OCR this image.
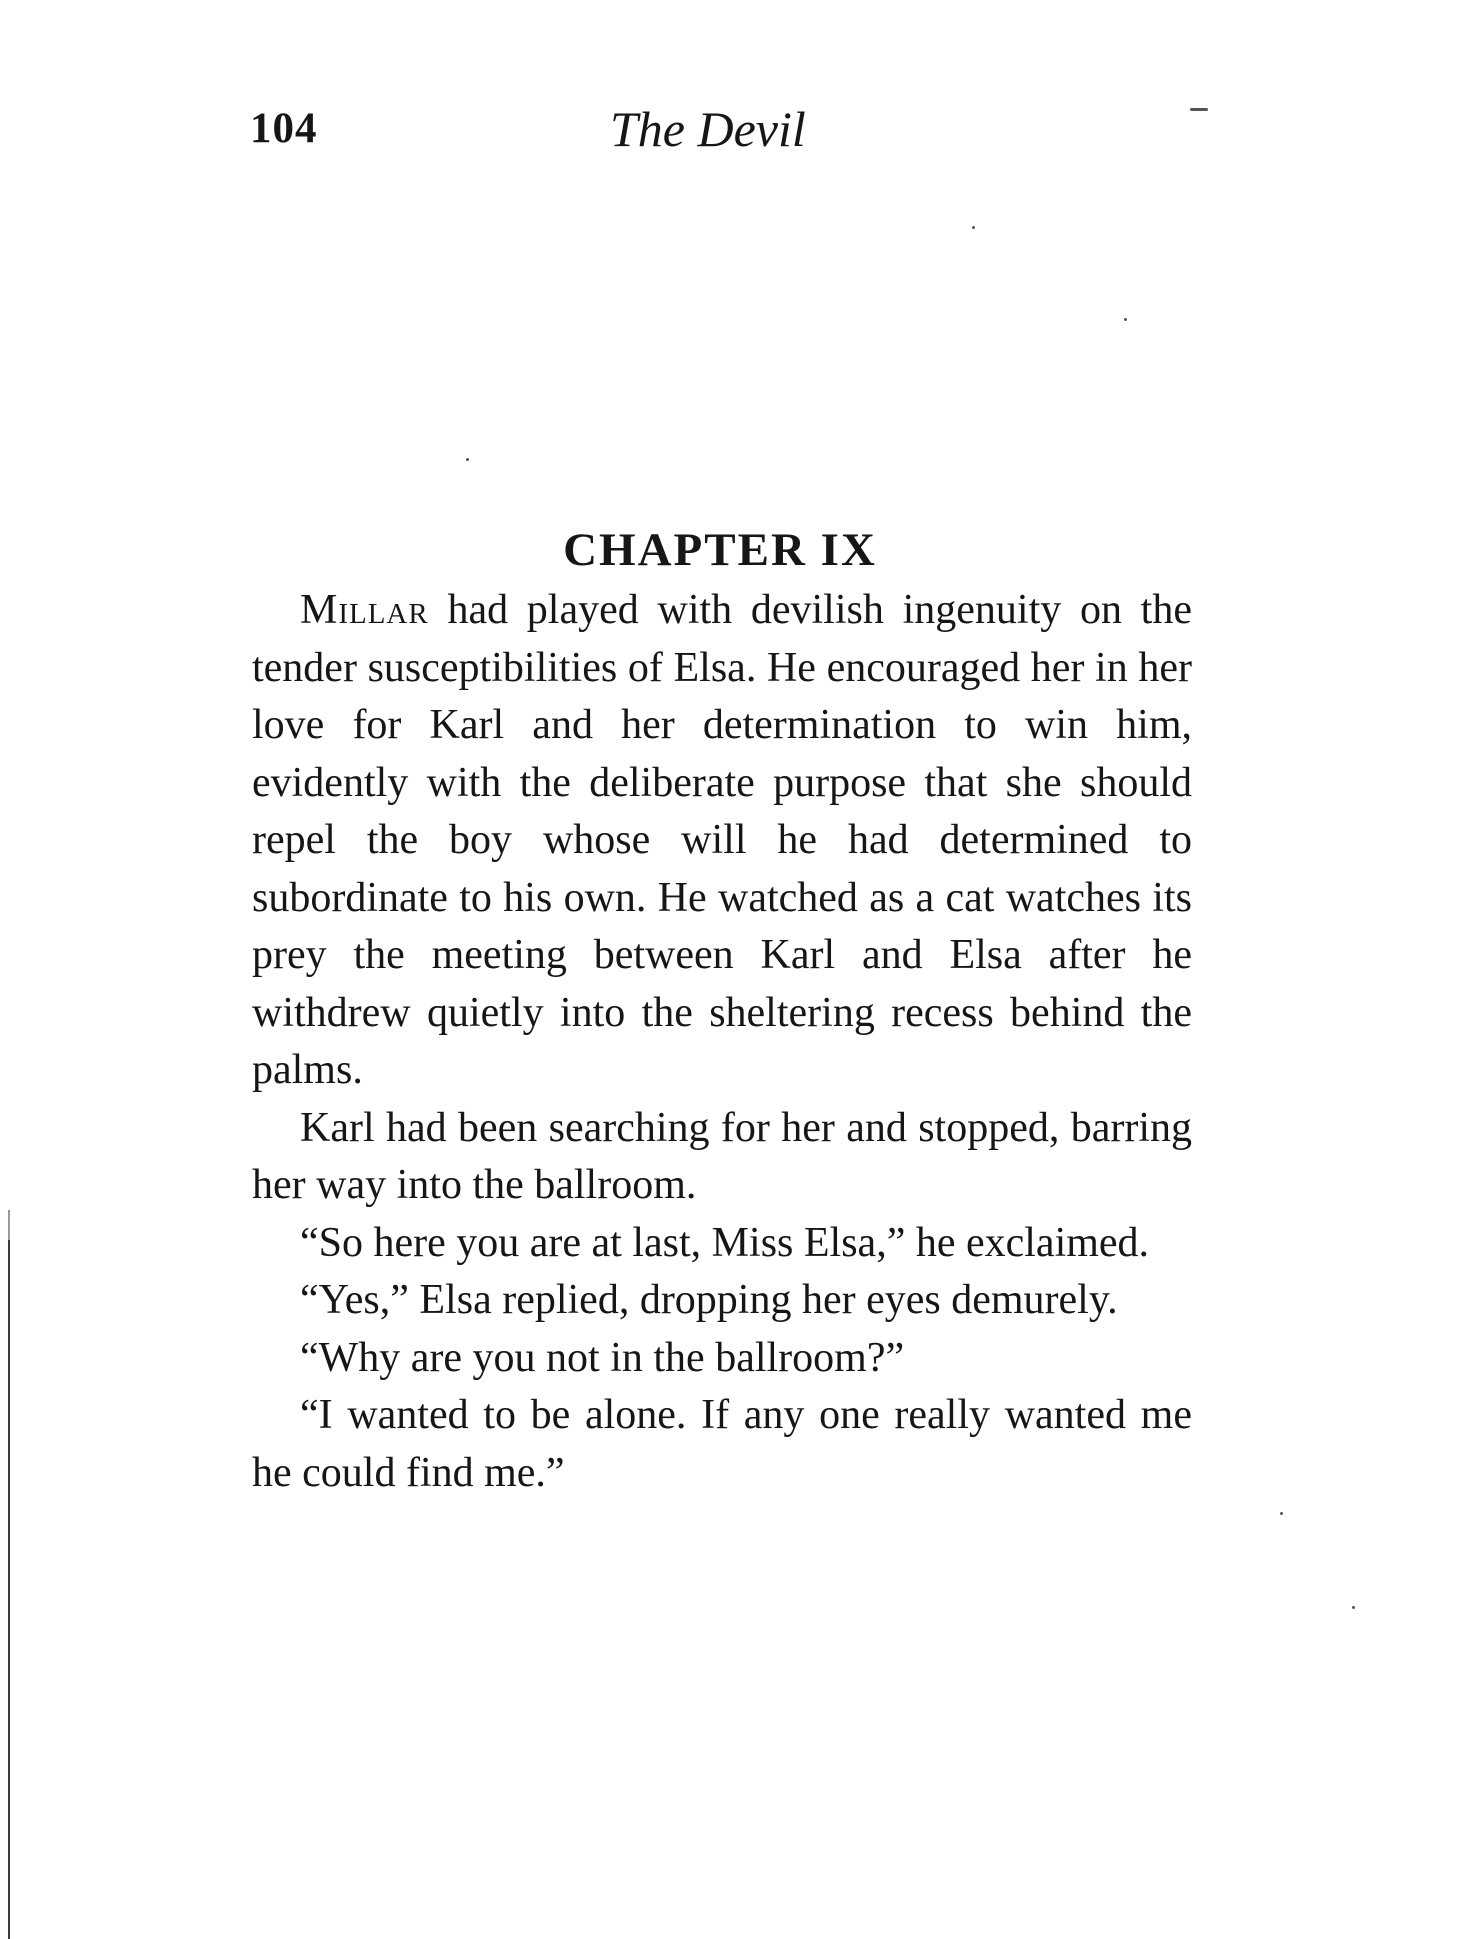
104	The Devil
CHAPTER IX

Millar had played with devilish ingenuity on the tender susceptibilities of Elsa. He encouraged her in her love for Karl and her determination to win him, evidently with the deliberate purpose that she should repel the boy whose will he had determined to subordinate to his own. He watched as a cat watches its prey the meeting between Karl and Elsa after he withdrew quietly into the sheltering recess behind the palms.

Karl had been searching for her and stopped, barring her way into the ballroom.

“So here you are at last, Miss Elsa,” he exclaimed.

“Yes,” Elsa replied, dropping her eyes demurely.

“Why are you not in the ballroom?”

“I wanted to be alone. If any one really wanted me he could find me.”
